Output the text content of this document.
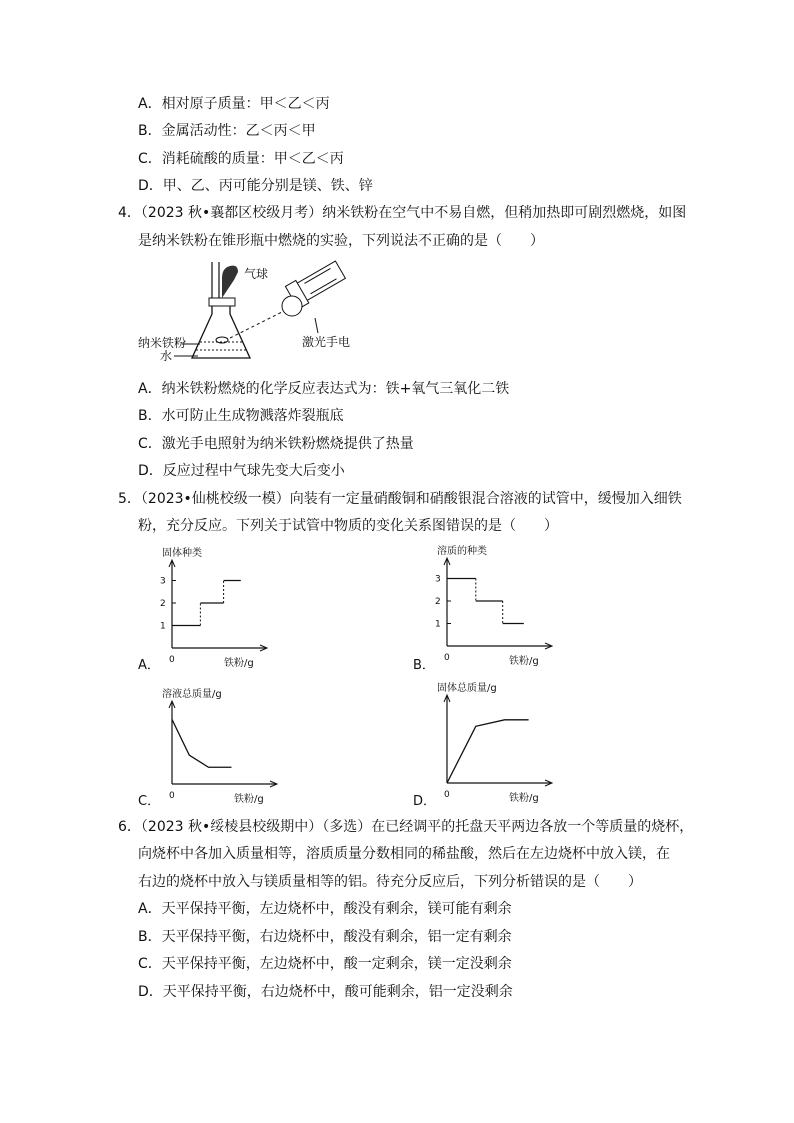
A．相对原子质量：甲＜乙＜丙
B．金属活动性：乙＜丙＜甲
C．消耗硫酸的质量：甲＜乙＜丙
D．甲、乙、丙可能分别是镁、铁、锌
4．（2023 秋•襄都区校级月考）纳米铁粉在空气中不易自燃，但稍加热即可剧烈燃烧，如图
是纳米铁粉在锥形瓶中燃烧的实验，下列说法不正确的是（　　）
气球
纳米铁粉
水
激光手电
A．纳米铁粉燃烧的化学反应表达式为：铁+氧气三氧化二铁
B．水可防止生成物溅落炸裂瓶底
C．激光手电照射为纳米铁粉燃烧提供了热量
D．反应过程中气球先变大后变小
5．（2023•仙桃校级一模）向装有一定量硝酸铜和硝酸银混合溶液的试管中，缓慢加入细铁
粉，充分反应。下列关于试管中物质的变化关系图错误的是（　　）
固体种类
铁粉/g
0
1
2
3
溶质的种类
铁粉/g
0
1
2
3
溶液总质量/g
铁粉/g
0
固体总质量/g
铁粉/g
0
A．	B．
C．	D．
6．（2023 秋•绥棱县校级期中）（多选）在已经调平的托盘天平两边各放一个等质量的烧杯，
向烧杯中各加入质量相等，溶质质量分数相同的稀盐酸，然后在左边烧杯中放入镁，在
右边的烧杯中放入与镁质量相等的铝。待充分反应后，下列分析错误的是（　　）
A．天平保持平衡，左边烧杯中，酸没有剩余，镁可能有剩余
B．天平保持平衡，右边烧杯中，酸没有剩余，铝一定有剩余
C．天平保持平衡，左边烧杯中，酸一定剩余，镁一定没剩余
D．天平保持平衡，右边烧杯中，酸可能剩余，铝一定没剩余
